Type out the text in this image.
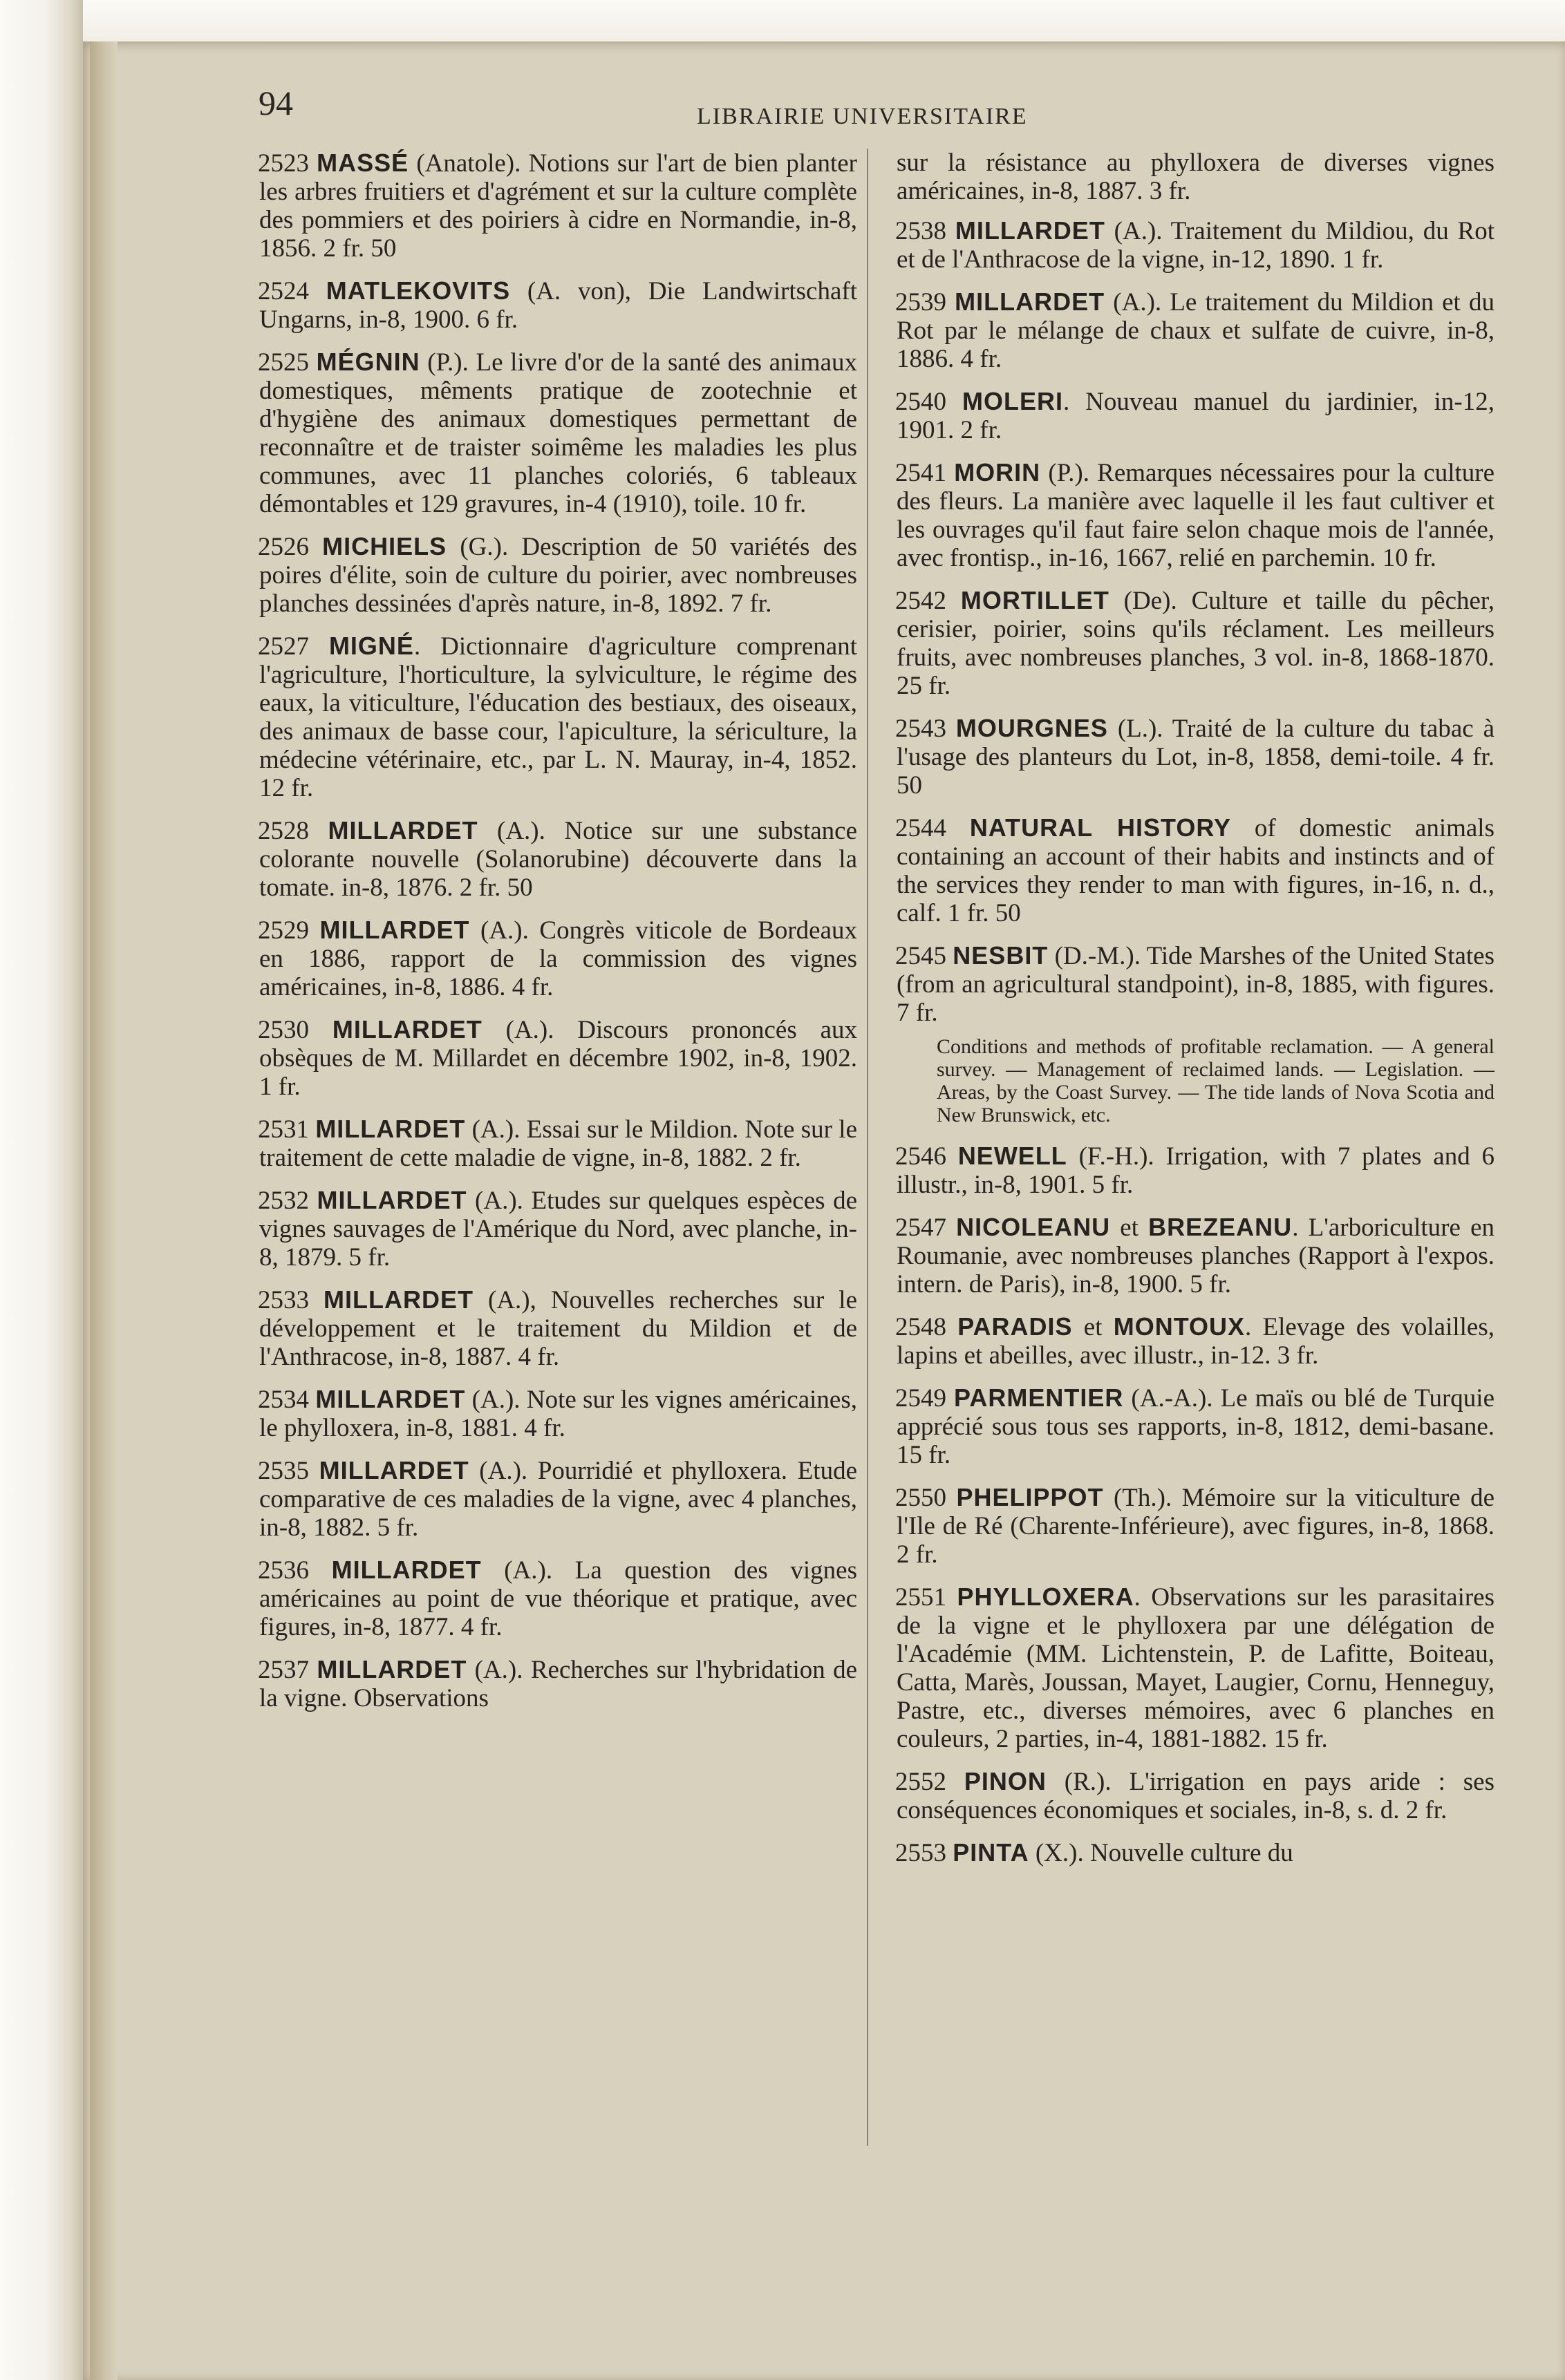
94	LIBRAIRIE UNIVERSITAIRE
2523 MASSÉ (Anatole). Notions sur l'art de bien planter les arbres fruitiers et d'agrément et sur la culture complète des pommiers et des poiriers à cidre en Normandie, in-8, 1856. 2 fr. 50
2524 MATLEKOVITS (A. von), Die Landwirtschaft Ungarns, in-8, 1900. 6 fr.
2525 MÉGNIN (P.). Le livre d'or de la santé des animaux domestiques, mêments pratique de zootechnie et d'hygiène des animaux domestiques permettant de reconnaître et de traister soimême les maladies les plus communes, avec 11 planches coloriés, 6 tableaux démontables et 129 gravures, in-4 (1910), toile. 10 fr.
2526 MICHIELS (G.). Description de 50 variétés des poires d'élite, soin de culture du poirier, avec nombreuses planches dessinées d'après nature, in-8, 1892. 7 fr.
2527 MIGNÉ. Dictionnaire d'agriculture comprenant l'agriculture, l'horticulture, la sylviculture, le régime des eaux, la viticulture, l'éducation des bestiaux, des oiseaux, des animaux de basse cour, l'apiculture, la sériculture, la médecine vétérinaire, etc., par L. N. Mauray, in-4, 1852. 12 fr.
2528 MILLARDET (A.). Notice sur une substance colorante nouvelle (Solanorubine) découverte dans la tomate. in-8, 1876. 2 fr. 50
2529 MILLARDET (A.). Congrès viticole de Bordeaux en 1886, rapport de la commission des vignes américaines, in-8, 1886. 4 fr.
2530 MILLARDET (A.). Discours prononcés aux obsèques de M. Millardet en décembre 1902, in-8, 1902. 1 fr.
2531 MILLARDET (A.). Essai sur le Mildion. Note sur le traitement de cette maladie de vigne, in-8, 1882. 2 fr.
2532 MILLARDET (A.). Etudes sur quelques espèces de vignes sauvages de l'Amérique du Nord, avec planche, in-8, 1879. 5 fr.
2533 MILLARDET (A.), Nouvelles recherches sur le développement et le traitement du Mildion et de l'Anthracose, in-8, 1887. 4 fr.
2534 MILLARDET (A.). Note sur les vignes américaines, le phylloxera, in-8, 1881. 4 fr.
2535 MILLARDET (A.). Pourridié et phylloxera. Etude comparative de ces maladies de la vigne, avec 4 planches, in-8, 1882. 5 fr.
2536 MILLARDET (A.). La question des vignes américaines au point de vue théorique et pratique, avec figures, in-8, 1877. 4 fr.
2537 MILLARDET (A.). Recherches sur l'hybridation de la vigne. Observations
sur la résistance au phylloxera de diverses vignes américaines, in-8, 1887. 3 fr.
2538 MILLARDET (A.). Traitement du Mildiou, du Rot et de l'Anthracose de la vigne, in-12, 1890. 1 fr.
2539 MILLARDET (A.). Le traitement du Mildion et du Rot par le mélange de chaux et sulfate de cuivre, in-8, 1886. 4 fr.
2540 MOLERI. Nouveau manuel du jardinier, in-12, 1901. 2 fr.
2541 MORIN (P.). Remarques nécessaires pour la culture des fleurs. La manière avec laquelle il les faut cultiver et les ouvrages qu'il faut faire selon chaque mois de l'année, avec frontisp., in-16, 1667, relié en parchemin. 10 fr.
2542 MORTILLET (De). Culture et taille du pêcher, cerisier, poirier, soins qu'ils réclament. Les meilleurs fruits, avec nombreuses planches, 3 vol. in-8, 1868-1870. 25 fr.
2543 MOURGNES (L.). Traité de la culture du tabac à l'usage des planteurs du Lot, in-8, 1858, demi-toile. 4 fr. 50
2544 NATURAL HISTORY of domestic animals containing an account of their habits and instincts and of the services they render to man with figures, in-16, n. d., calf. 1 fr. 50
2545 NESBIT (D.-M.). Tide Marshes of the United States (from an agricultural standpoint), in-8, 1885, with figures. 7 fr.
Conditions and methods of profitable reclamation. — A general survey. — Management of reclaimed lands. — Legislation. — Areas, by the Coast Survey. — The tide lands of Nova Scotia and New Brunswick, etc.
2546 NEWELL (F.-H.). Irrigation, with 7 plates and 6 illustr., in-8, 1901. 5 fr.
2547 NICOLEANU et BREZEANU. L'arboriculture en Roumanie, avec nombreuses planches (Rapport à l'expos. intern. de Paris), in-8, 1900. 5 fr.
2548 PARADIS et MONTOUX. Elevage des volailles, lapins et abeilles, avec illustr., in-12. 3 fr.
2549 PARMENTIER (A.-A.). Le maïs ou blé de Turquie apprécié sous tous ses rapports, in-8, 1812, demi-basane. 15 fr.
2550 PHELIPPOT (Th.). Mémoire sur la viticulture de l'Ile de Ré (Charente-Inférieure), avec figures, in-8, 1868. 2 fr.
2551 PHYLLOXERA. Observations sur les parasitaires de la vigne et le phylloxera par une délégation de l'Académie (MM. Lichtenstein, P. de Lafitte, Boiteau, Catta, Marès, Joussan, Mayet, Laugier, Cornu, Henneguy, Pastre, etc., diverses mémoires, avec 6 planches en couleurs, 2 parties, in-4, 1881-1882. 15 fr.
2552 PINON (R.). L'irrigation en pays aride : ses conséquences économiques et sociales, in-8, s. d. 2 fr.
2553 PINTA (X.). Nouvelle culture du
